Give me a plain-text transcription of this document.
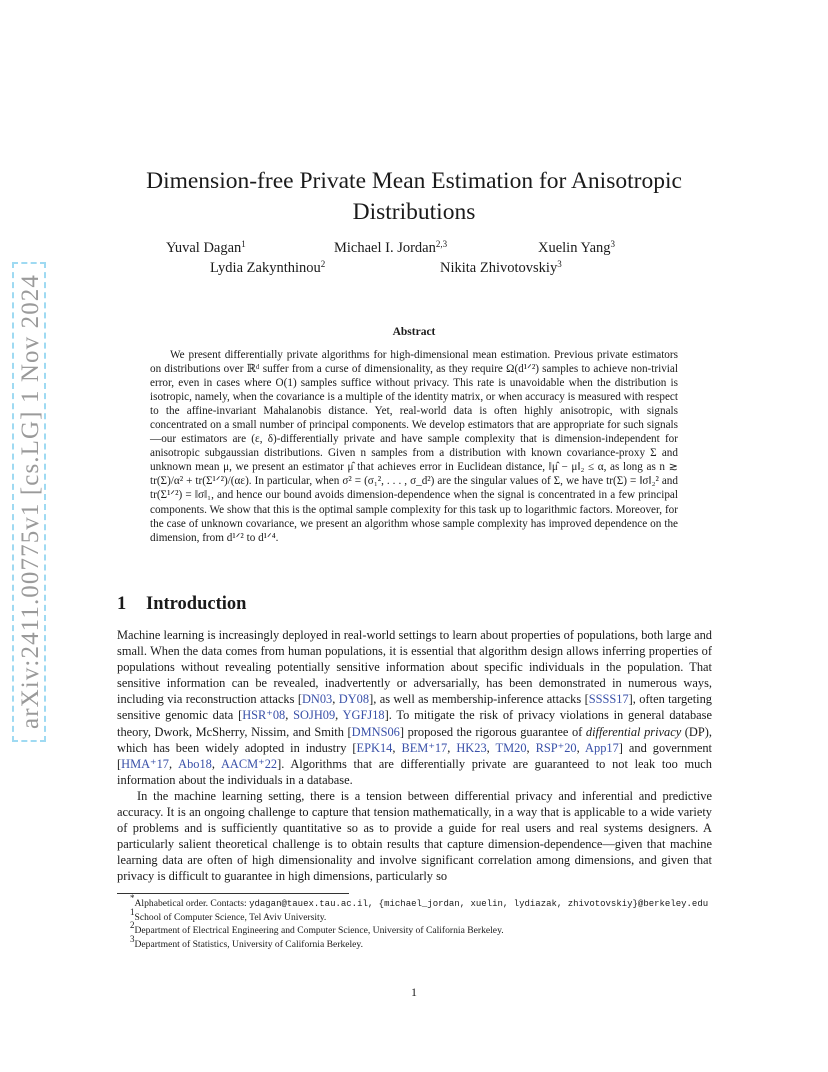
arXiv:2411.00775v1 [cs.LG] 1 Nov 2024
Dimension-free Private Mean Estimation for Anisotropic Distributions
Yuval Dagan$^1$	Michael I. Jordan$^{2,3}$	Xuelin Yang$^3$
Lydia Zakynthinou$^2$	Nikita Zhivotovskiy$^3$
Abstract

We present differentially private algorithms for high-dimensional mean estimation. Previous private estimators on distributions over ℝᵈ suffer from a curse of dimensionality, as they require Ω(d¹ᐟ²) samples to achieve non-trivial error, even in cases where O(1) samples suffice without privacy. This rate is unavoidable when the distribution is isotropic, namely, when the covariance is a multiple of the identity matrix, or when accuracy is measured with respect to the affine-invariant Mahalanobis distance. Yet, real-world data is often highly anisotropic, with signals concentrated on a small number of principal components. We develop estimators that are appropriate for such signals—our estimators are (ε, δ)-differentially private and have sample complexity that is dimension-independent for anisotropic subgaussian distributions. Given n samples from a distribution with known covariance-proxy Σ and unknown mean μ, we present an estimator μ̂ that achieves error in Euclidean distance, ‖μ̂ − μ‖₂ ≤ α, as long as n ≳ tr(Σ)/α² + tr(Σ¹ᐟ²)/(αε). In particular, when σ² = (σ₁², . . . , σ_d²) are the singular values of Σ, we have tr(Σ) = ‖σ‖₂² and tr(Σ¹ᐟ²) = ‖σ‖₁, and hence our bound avoids dimension-dependence when the signal is concentrated in a few principal components. We show that this is the optimal sample complexity for this task up to logarithmic factors. Moreover, for the case of unknown covariance, we present an algorithm whose sample complexity has improved dependence on the dimension, from d¹ᐟ² to d¹ᐟ⁴.

1 Introduction

Machine learning is increasingly deployed in real-world settings to learn about properties of populations, both large and small. When the data comes from human populations, it is essential that algorithm design allows inferring properties of populations without revealing potentially sensitive information about specific individuals in the population. That sensitive information can be revealed, inadvertently or adversarially, has been demonstrated in numerous ways, including via reconstruction attacks [DN03, DY08], as well as membership-inference attacks [SSSS17], often targeting sensitive genomic data [HSR⁺08, SOJH09, YGFJ18]. To mitigate the risk of privacy violations in general database theory, Dwork, McSherry, Nissim, and Smith [DMNS06] proposed the rigorous guarantee of differential privacy (DP), which has been widely adopted in industry [EPK14, BEM⁺17, HK23, TM20, RSP⁺20, App17] and government [HMA⁺17, Abo18, AACM⁺22]. Algorithms that are differentially private are guaranteed to not leak too much information about the individuals in a database.

In the machine learning setting, there is a tension between differential privacy and inferential and predictive accuracy. It is an ongoing challenge to capture that tension mathematically, in a way that is applicable to a wide variety of problems and is sufficiently quantitative so as to provide a guide for real users and real systems designers. A particularly salient theoretical challenge is to obtain results that capture dimension-dependence—given that machine learning data are often of high dimensionality and involve significant correlation among dimensions, and given that privacy is difficult to guarantee in high dimensions, particularly so

*Alphabetical order. Contacts: ydagan@tauex.tau.ac.il, {michael_jordan, xuelin, lydiazak, zhivotovskiy}@berkeley.edu
$^1$School of Computer Science, Tel Aviv University.
$^2$Department of Electrical Engineering and Computer Science, University of California Berkeley.
$^3$Department of Statistics, University of California Berkeley.
1
